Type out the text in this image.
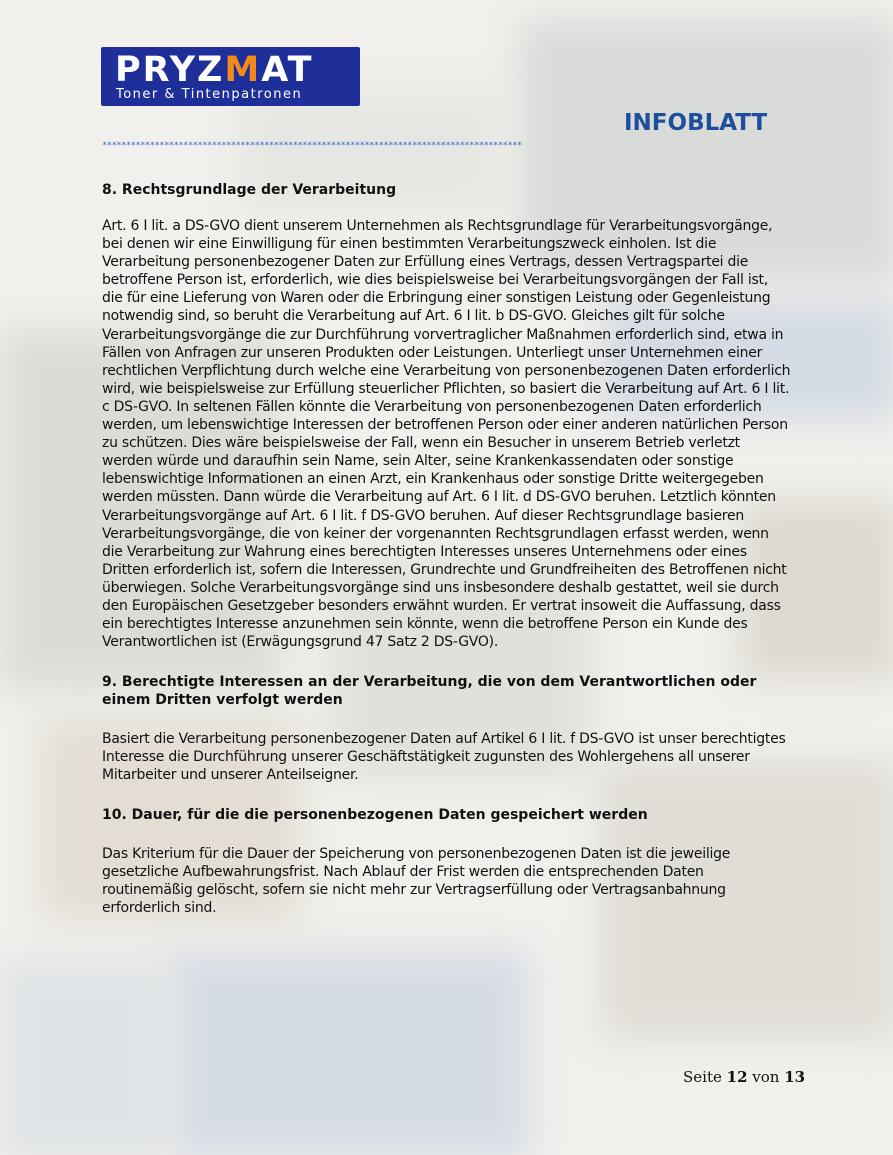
PRYZMAT
Toner & Tintenpatronen
INFOBLATT
****************************************************************************************
8. Rechtsgrundlage der Verarbeitung

Art. 6 I lit. a DS-GVO dient unserem Unternehmen als Rechtsgrundlage für Verarbeitungsvorgänge, bei denen wir eine Einwilligung für einen bestimmten Verarbeitungszweck einholen. Ist die Verarbeitung personenbezogener Daten zur Erfüllung eines Vertrags, dessen Vertragspartei die betroffene Person ist, erforderlich, wie dies beispielsweise bei Verarbeitungsvorgängen der Fall ist, die für eine Lieferung von Waren oder die Erbringung einer sonstigen Leistung oder Gegenleistung notwendig sind, so beruht die Verarbeitung auf Art. 6 I lit. b DS-GVO. Gleiches gilt für solche Verarbeitungsvorgänge die zur Durchführung vorvertraglicher Maßnahmen erforderlich sind, etwa in Fällen von Anfragen zur unseren Produkten oder Leistungen. Unterliegt unser Unternehmen einer rechtlichen Verpflichtung durch welche eine Verarbeitung von personenbezogenen Daten erforderlich wird, wie beispielsweise zur Erfüllung steuerlicher Pflichten, so basiert die Verarbeitung auf Art. 6 I lit. c DS-GVO. In seltenen Fällen könnte die Verarbeitung von personenbezogenen Daten erforderlich werden, um lebenswichtige Interessen der betroffenen Person oder einer anderen natürlichen Person zu schützen. Dies wäre beispielsweise der Fall, wenn ein Besucher in unserem Betrieb verletzt werden würde und daraufhin sein Name, sein Alter, seine Krankenkassendaten oder sonstige lebenswichtige Informationen an einen Arzt, ein Krankenhaus oder sonstige Dritte weitergegeben werden müssten. Dann würde die Verarbeitung auf Art. 6 I lit. d DS-GVO beruhen. Letztlich könnten Verarbeitungsvorgänge auf Art. 6 I lit. f DS-GVO beruhen. Auf dieser Rechtsgrundlage basieren Verarbeitungsvorgänge, die von keiner der vorgenannten Rechtsgrundlagen erfasst werden, wenn die Verarbeitung zur Wahrung eines berechtigten Interesses unseres Unternehmens oder eines Dritten erforderlich ist, sofern die Interessen, Grundrechte und Grundfreiheiten des Betroffenen nicht überwiegen. Solche Verarbeitungsvorgänge sind uns insbesondere deshalb gestattet, weil sie durch den Europäischen Gesetzgeber besonders erwähnt wurden. Er vertrat insoweit die Auffassung, dass ein berechtigtes Interesse anzunehmen sein könnte, wenn die betroffene Person ein Kunde des Verantwortlichen ist (Erwägungsgrund 47 Satz 2 DS-GVO).

9. Berechtigte Interessen an der Verarbeitung, die von dem Verantwortlichen oder einem Dritten verfolgt werden

Basiert die Verarbeitung personenbezogener Daten auf Artikel 6 I lit. f DS-GVO ist unser berechtigtes Interesse die Durchführung unserer Geschäftstätigkeit zugunsten des Wohlergehens all unserer Mitarbeiter und unserer Anteilseigner.

10. Dauer, für die die personenbezogenen Daten gespeichert werden

Das Kriterium für die Dauer der Speicherung von personenbezogenen Daten ist die jeweilige gesetzliche Aufbewahrungsfrist. Nach Ablauf der Frist werden die entsprechenden Daten routinemäßig gelöscht, sofern sie nicht mehr zur Vertragserfüllung oder Vertragsanbahnung erforderlich sind.

Seite 12 von 13
